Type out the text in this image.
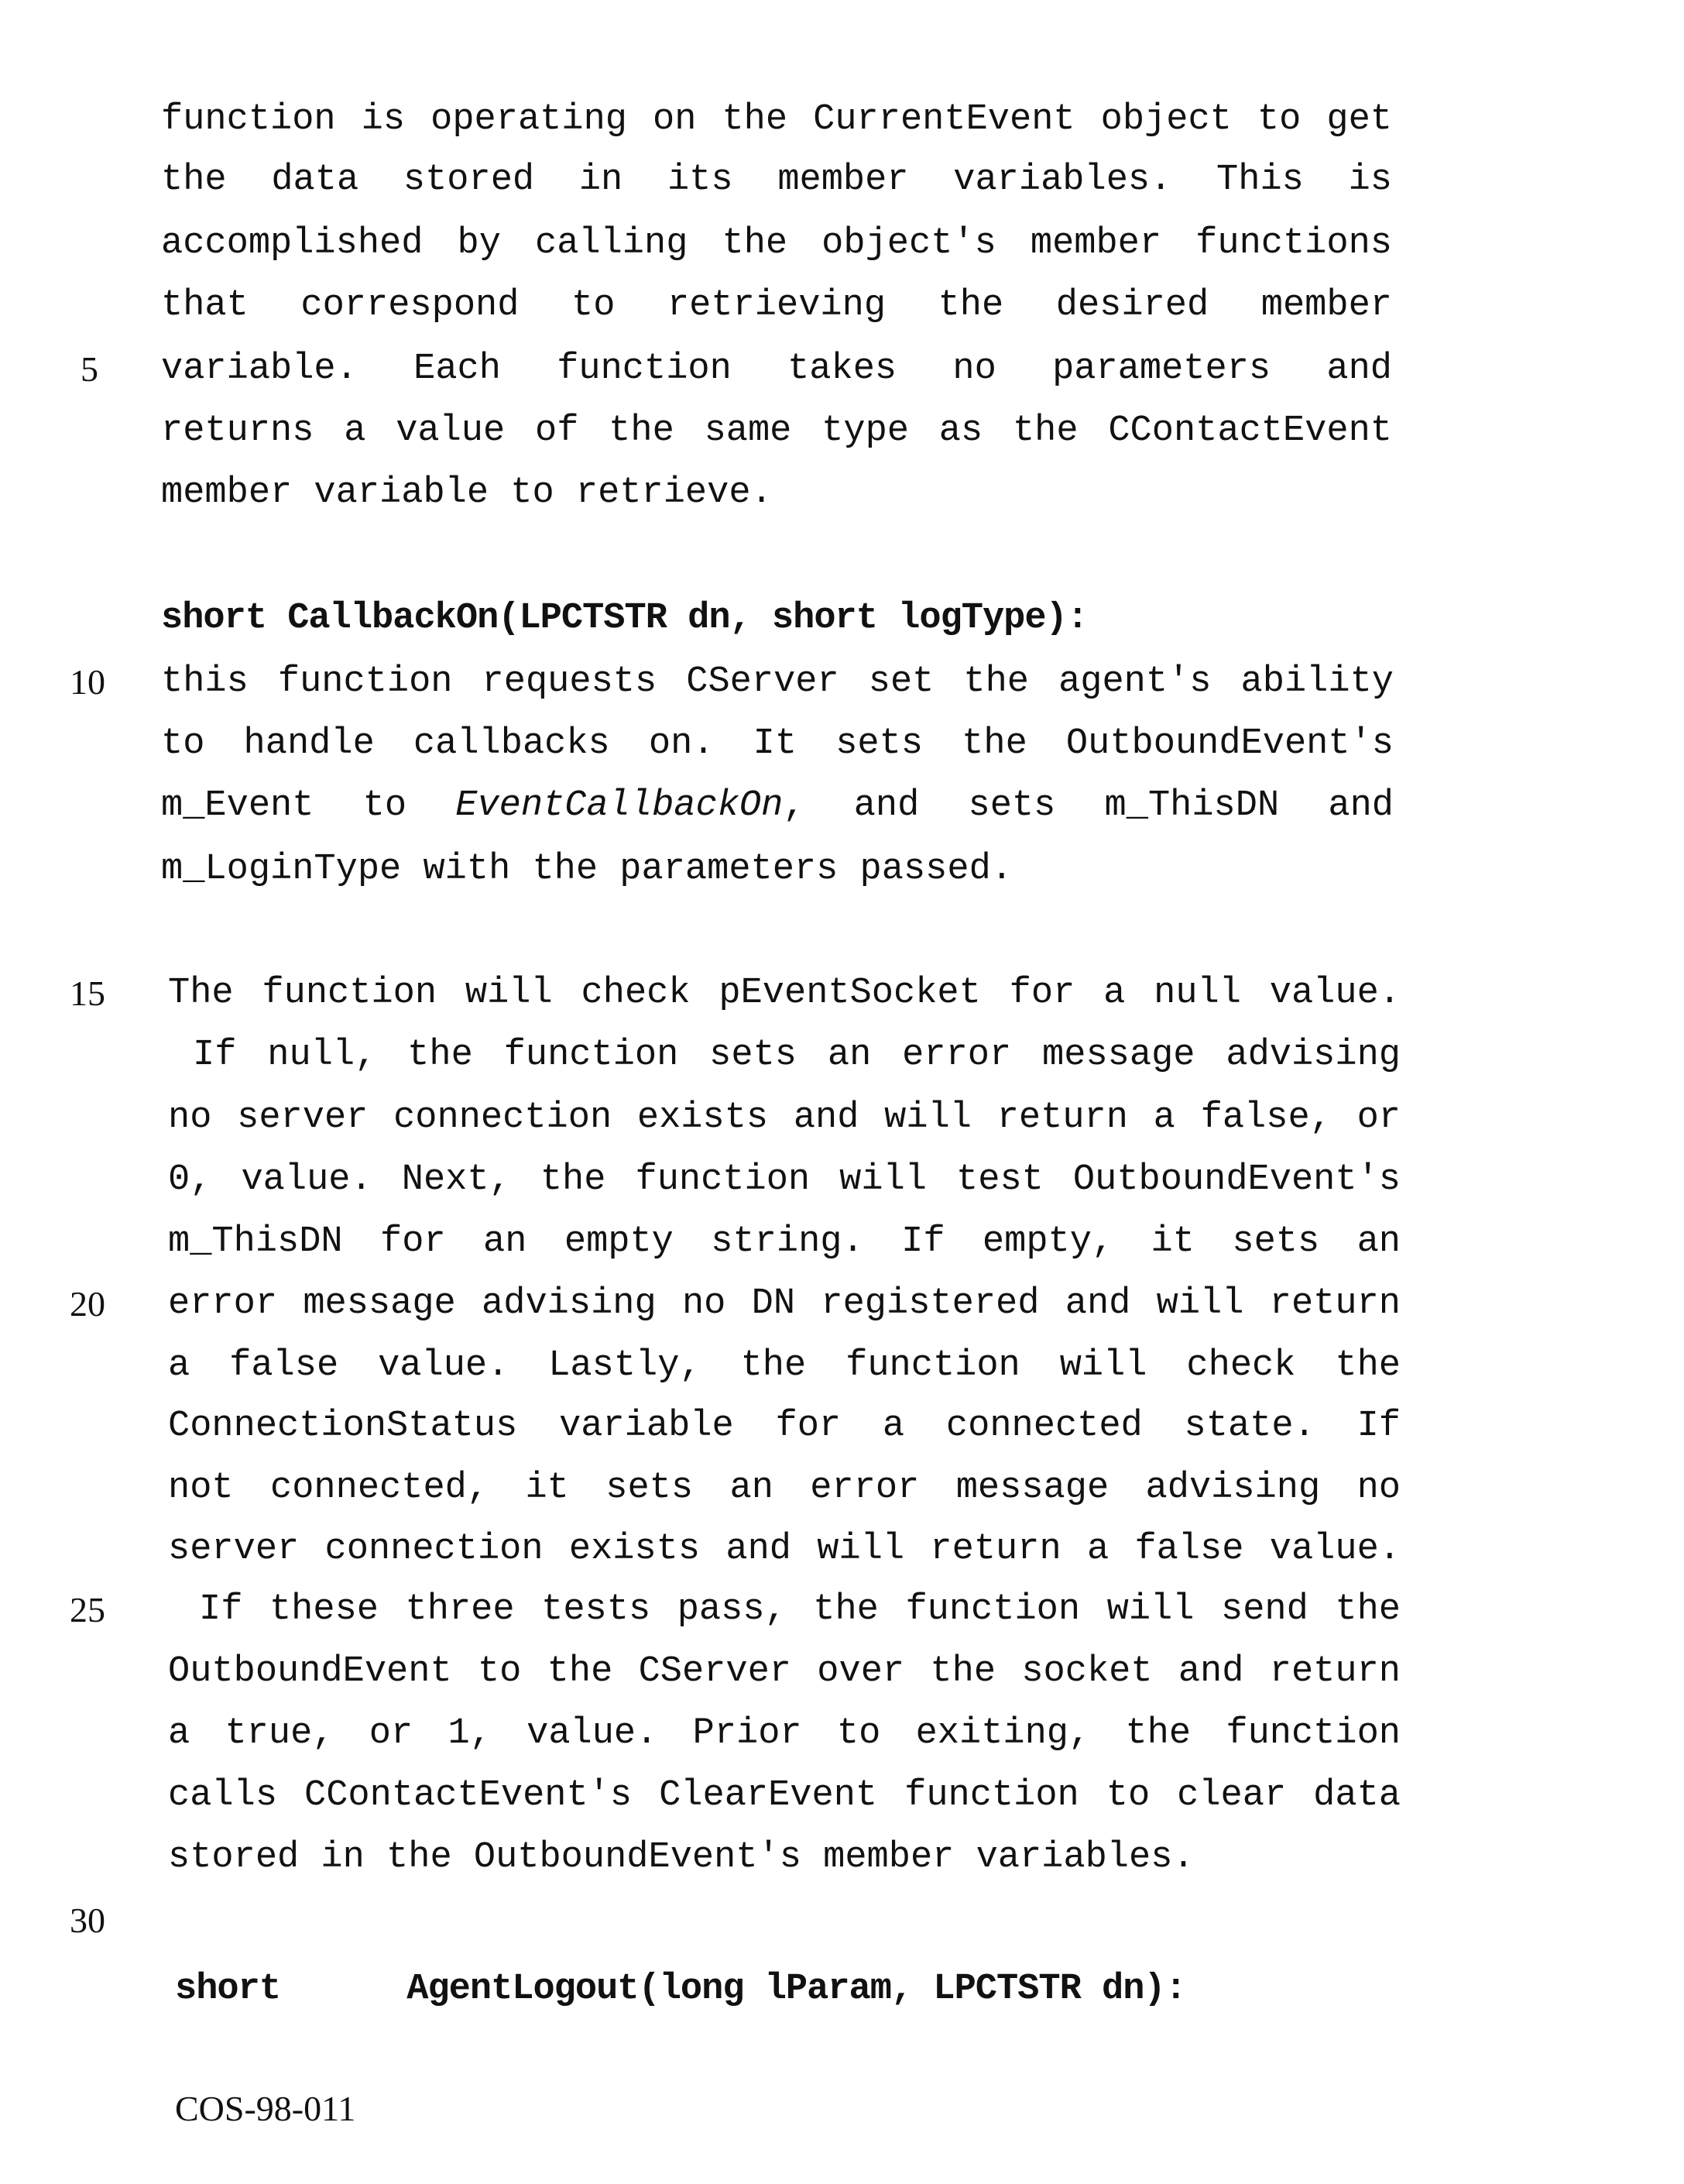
function is operating on the CurrentEvent object to get
the data stored in its member variables. This is
accomplished by calling the object's member functions
that correspond to retrieving the desired member
variable. Each function takes no parameters and
returns a value of the same type as the CContactEvent
member variable to retrieve.
short CallbackOn(LPCTSTR dn, short logType):
this function requests CServer set the agent's ability
to handle callbacks on. It sets the OutboundEvent's
m_Event to EventCallbackOn, and sets m_ThisDN and
m_LoginType with the parameters passed.
The function will check pEventSocket for a null value.
If null, the function sets an error message advising
no server connection exists and will return a false, or
0, value. Next, the function will test OutboundEvent's
m_ThisDN for an empty string. If empty, it sets an
error message advising no DN registered and will return
a false value. Lastly, the function will check the
ConnectionStatus variable for a connected state. If
not connected, it sets an error message advising no
server connection exists and will return a false value.
If these three tests pass, the function will send the
OutboundEvent to the CServer over the socket and return
a true, or 1, value. Prior to exiting, the function
calls CContactEvent's ClearEvent function to clear data
stored in the OutboundEvent's member variables.
short      AgentLogout(long lParam, LPCTSTR dn):
5
10
15
20
25
30
COS-98-011
